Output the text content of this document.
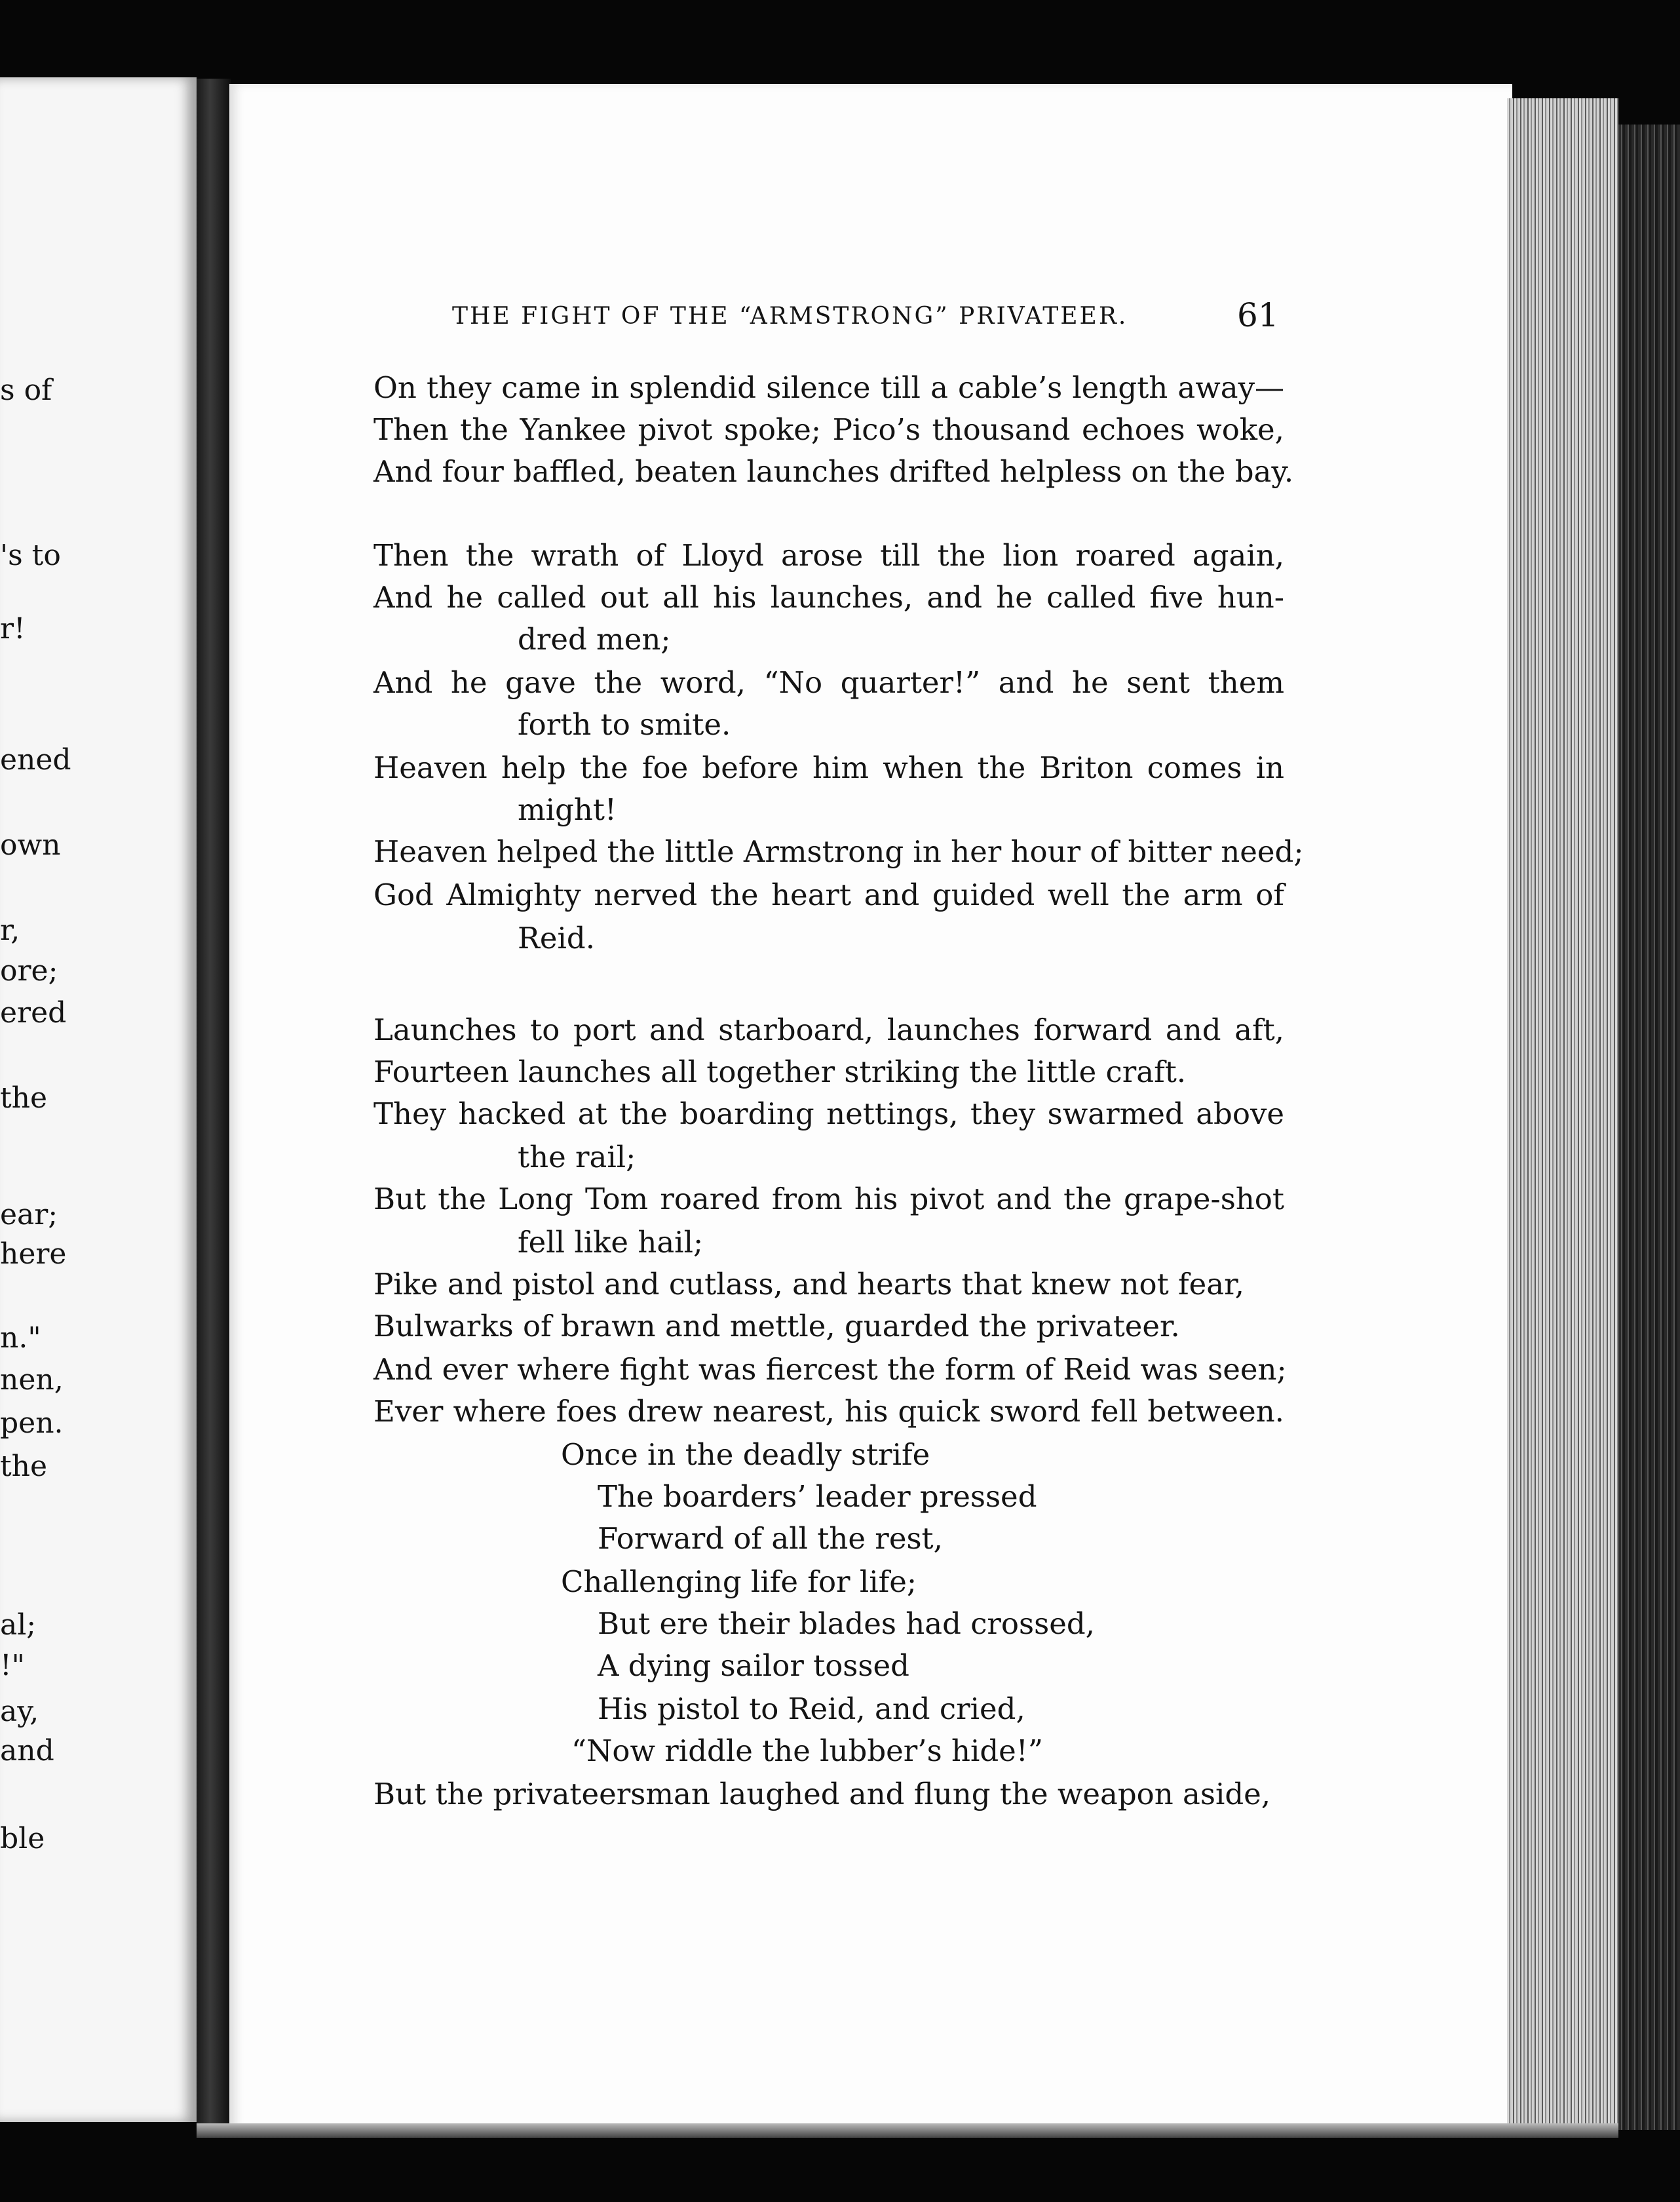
s of
's to
r!
ened
own
r,
ore;
ered
the
ear;
here
n."
nen,
pen.
the
al;
!"
ay,
and
ble
THE FIGHT OF THE “ARMSTRONG” PRIVATEER.	61
On they came in splendid silence till a cable’s length away—
Then the Yankee pivot spoke; Pico’s thousand echoes woke,
And four baffled, beaten launches drifted helpless on the bay.
Then the wrath of Lloyd arose till the lion roared again,
And he called out all his launches, and he called five hun-
dred men;
And he gave the word, “No quarter!” and he sent them
forth to smite.
Heaven help the foe before him when the Briton comes in
might!
Heaven helped the little Armstrong in her hour of bitter need;
God Almighty nerved the heart and guided well the arm of
Reid.
Launches to port and starboard, launches forward and aft,
Fourteen launches all together striking the little craft.
They hacked at the boarding nettings, they swarmed above
the rail;
But the Long Tom roared from his pivot and the grape-shot
fell like hail;
Pike and pistol and cutlass, and hearts that knew not fear,
Bulwarks of brawn and mettle, guarded the privateer.
And ever where fight was fiercest the form of Reid was seen;
Ever where foes drew nearest, his quick sword fell between.
Once in the deadly strife
The boarders’ leader pressed
Forward of all the rest,
Challenging life for life;
But ere their blades had crossed,
A dying sailor tossed
His pistol to Reid, and cried,
“Now riddle the lubber’s hide!”
But the privateersman laughed and flung the weapon aside,
